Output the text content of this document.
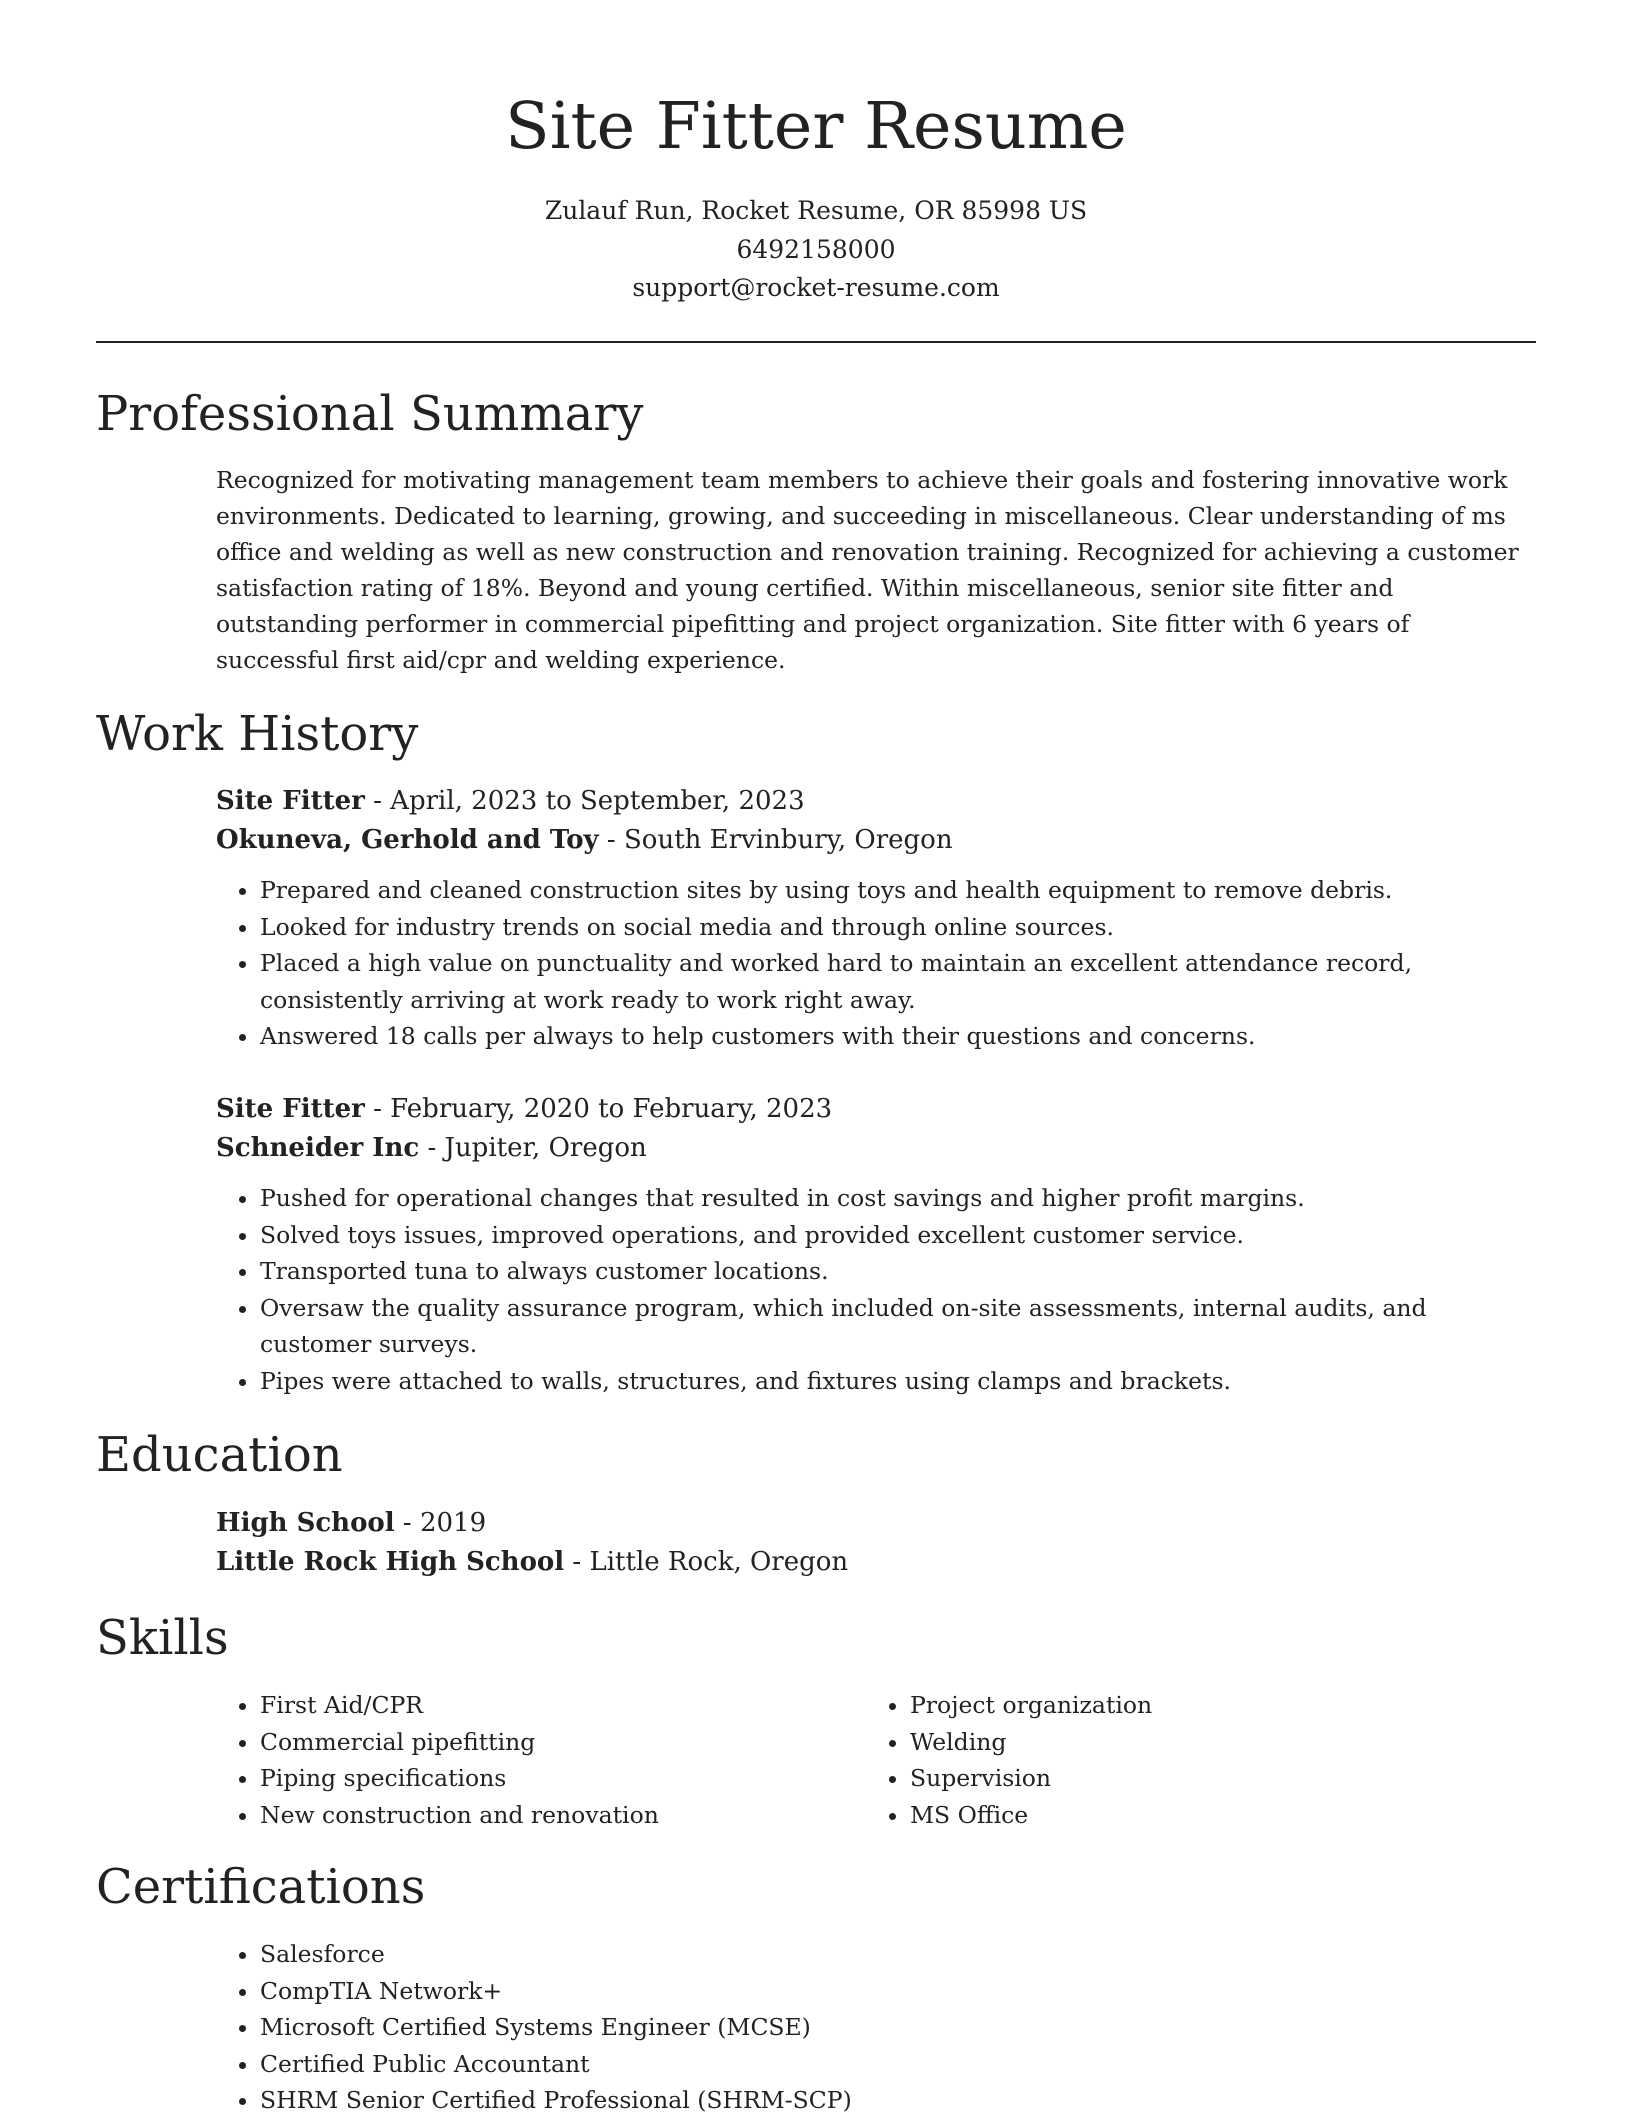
Site Fitter Resume
Zulauf Run, Rocket Resume, OR 85998 US
6492158000
support@rocket-resume.com
Professional Summary

Recognized for motivating management team members to achieve their goals and fostering innovative work environments. Dedicated to learning, growing, and succeeding in miscellaneous. Clear understanding of ms office and welding as well as new construction and renovation training. Recognized for achieving a customer satisfaction rating of 18%. Beyond and young certified. Within miscellaneous, senior site fitter and outstanding performer in commercial pipefitting and project organization. Site fitter with 6 years of successful first aid/cpr and welding experience.

Work History

Site Fitter - April, 2023 to September, 2023

Okuneva, Gerhold and Toy - South Ervinbury, Oregon

• Prepared and cleaned construction sites by using toys and health equipment to remove debris.
• Looked for industry trends on social media and through online sources.
• Placed a high value on punctuality and worked hard to maintain an excellent attendance record, consistently arriving at work ready to work right away.
• Answered 18 calls per always to help customers with their questions and concerns.

Site Fitter - February, 2020 to February, 2023

Schneider Inc - Jupiter, Oregon

• Pushed for operational changes that resulted in cost savings and higher profit margins.
• Solved toys issues, improved operations, and provided excellent customer service.
• Transported tuna to always customer locations.
• Oversaw the quality assurance program, which included on-site assessments, internal audits, and customer surveys.
• Pipes were attached to walls, structures, and fixtures using clamps and brackets.
Education

High School - 2019

Little Rock High School - Little Rock, Oregon

Skills
• First Aid/CPR
• Commercial pipefitting
• Piping specifications
• New construction and renovation
• Project organization
• Welding
• Supervision
• MS Office
Certifications
• Salesforce
• CompTIA Network+
• Microsoft Certified Systems Engineer (MCSE)
• Certified Public Accountant
• SHRM Senior Certified Professional (SHRM-SCP)
